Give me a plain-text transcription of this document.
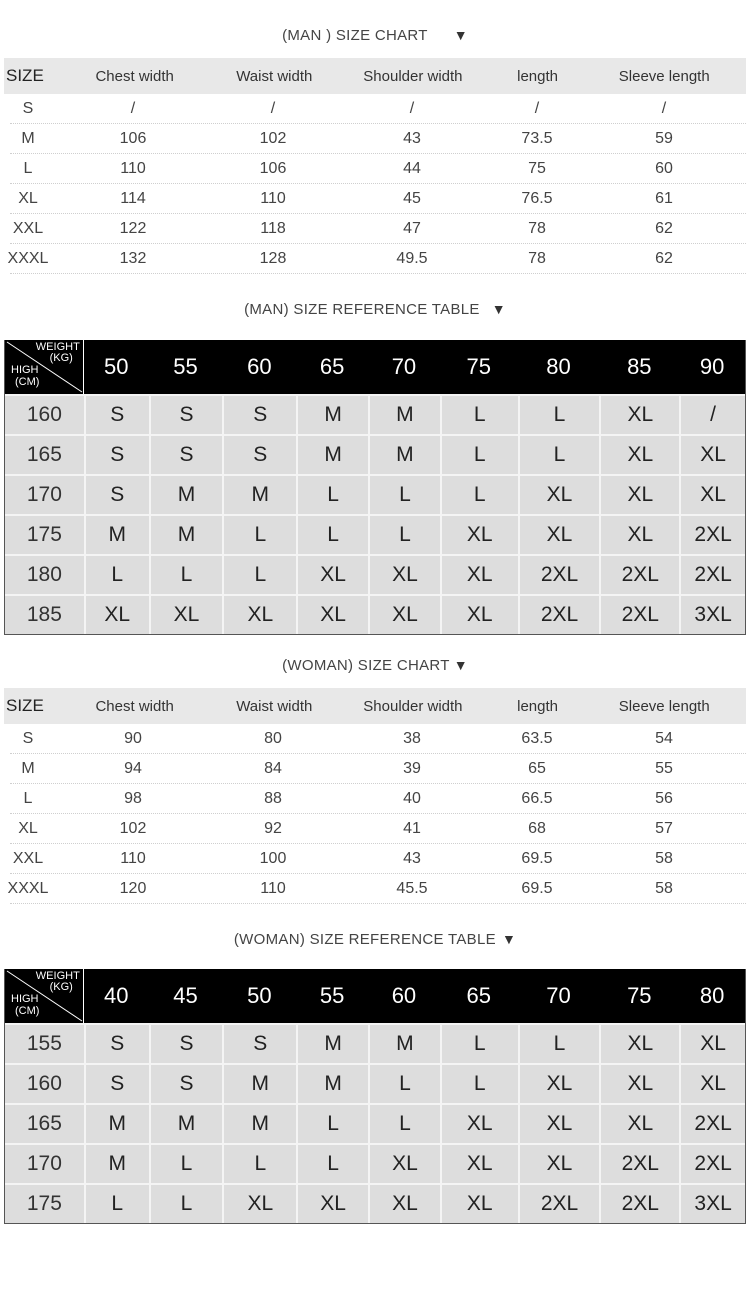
(MAN ) SIZE CHART ▼
SIZE	Chest width	Waist width	Shoulder width	length	Sleeve length
S	/	/	/	/	/
M	106	102	43	73.5	59
L	110	106	44	75	60
XL	114	110	45	76.5	61
XXL	122	118	47	78	62
XXXL	132	128	49.5	78	62
(MAN) SIZE REFERENCE TABLE ▼
WEIGHT
(KG)
HIGH
(CM)
50	55	60	65	70	75	80	85	90
160	S	S	S	M	M	L	L	XL	/
165	S	S	S	M	M	L	L	XL	XL
170	S	M	M	L	L	L	XL	XL	XL
175	M	M	L	L	L	XL	XL	XL	2XL
180	L	L	L	XL	XL	XL	2XL	2XL	2XL
185	XL	XL	XL	XL	XL	XL	2XL	2XL	3XL
(WOMAN) SIZE CHART ▼
SIZE	Chest width	Waist width	Shoulder width	length	Sleeve length
S	90	80	38	63.5	54
M	94	84	39	65	55
L	98	88	40	66.5	56
XL	102	92	41	68	57
XXL	110	100	43	69.5	58
XXXL	120	110	45.5	69.5	58
(WOMAN) SIZE REFERENCE TABLE ▼
WEIGHT
(KG)
HIGH
(CM)
40	45	50	55	60	65	70	75	80
155	S	S	S	M	M	L	L	XL	XL
160	S	S	M	M	L	L	XL	XL	XL
165	M	M	M	L	L	XL	XL	XL	2XL
170	M	L	L	L	XL	XL	XL	2XL	2XL
175	L	L	XL	XL	XL	XL	2XL	2XL	3XL
